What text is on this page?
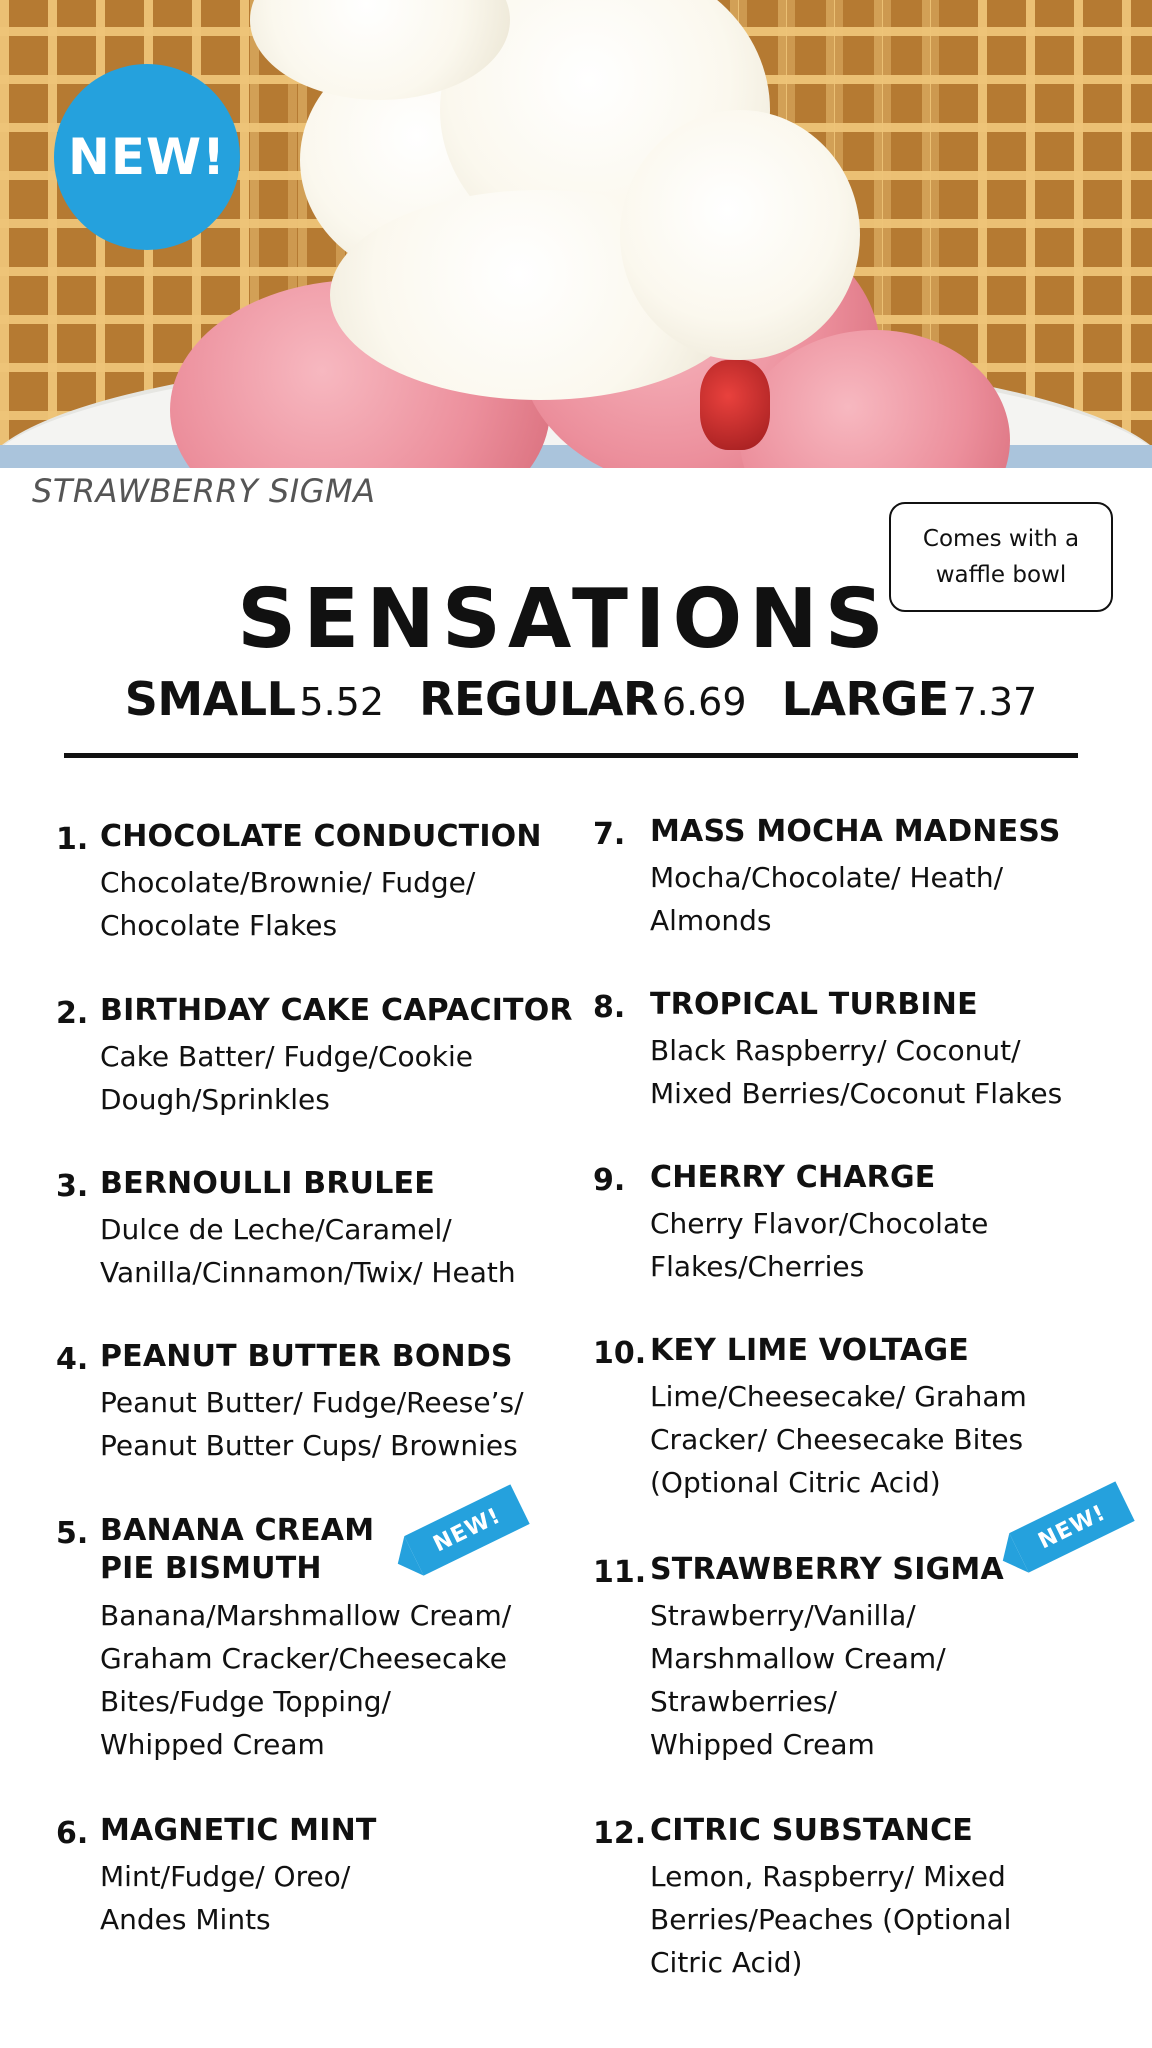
NEW!
STRAWBERRY SIGMA
Comes with a
waffle bowl
SENSATIONS
SMALL 5.52 REGULAR 6.69 LARGE 7.37
1. CHOCOLATE CONDUCTION
Chocolate/Brownie/ Fudge/
Chocolate Flakes
2. BIRTHDAY CAKE CAPACITOR
Cake Batter/ Fudge/Cookie
Dough/Sprinkles
3. BERNOULLI BRULEE
Dulce de Leche/Caramel/
Vanilla/Cinnamon/Twix/ Heath
4. PEANUT BUTTER BONDS
Peanut Butter/ Fudge/Reese’s/
Peanut Butter Cups/ Brownies
5. BANANA CREAM
PIE BISMUTH
Banana/Marshmallow Cream/
Graham Cracker/Cheesecake
Bites/Fudge Topping/
Whipped Cream
NEW!
6. MAGNETIC MINT
Mint/Fudge/ Oreo/
Andes Mints
7. MASS MOCHA MADNESS
Mocha/Chocolate/ Heath/
Almonds
8. TROPICAL TURBINE
Black Raspberry/ Coconut/
Mixed Berries/Coconut Flakes
9. CHERRY CHARGE
Cherry Flavor/Chocolate
Flakes/Cherries
10. KEY LIME VOLTAGE
Lime/Cheesecake/ Graham
Cracker/ Cheesecake Bites
(Optional Citric Acid)
11. STRAWBERRY SIGMA
Strawberry/Vanilla/
Marshmallow Cream/
Strawberries/
Whipped Cream
NEW!
12. CITRIC SUBSTANCE
Lemon, Raspberry/ Mixed
Berries/Peaches (Optional
Citric Acid)
